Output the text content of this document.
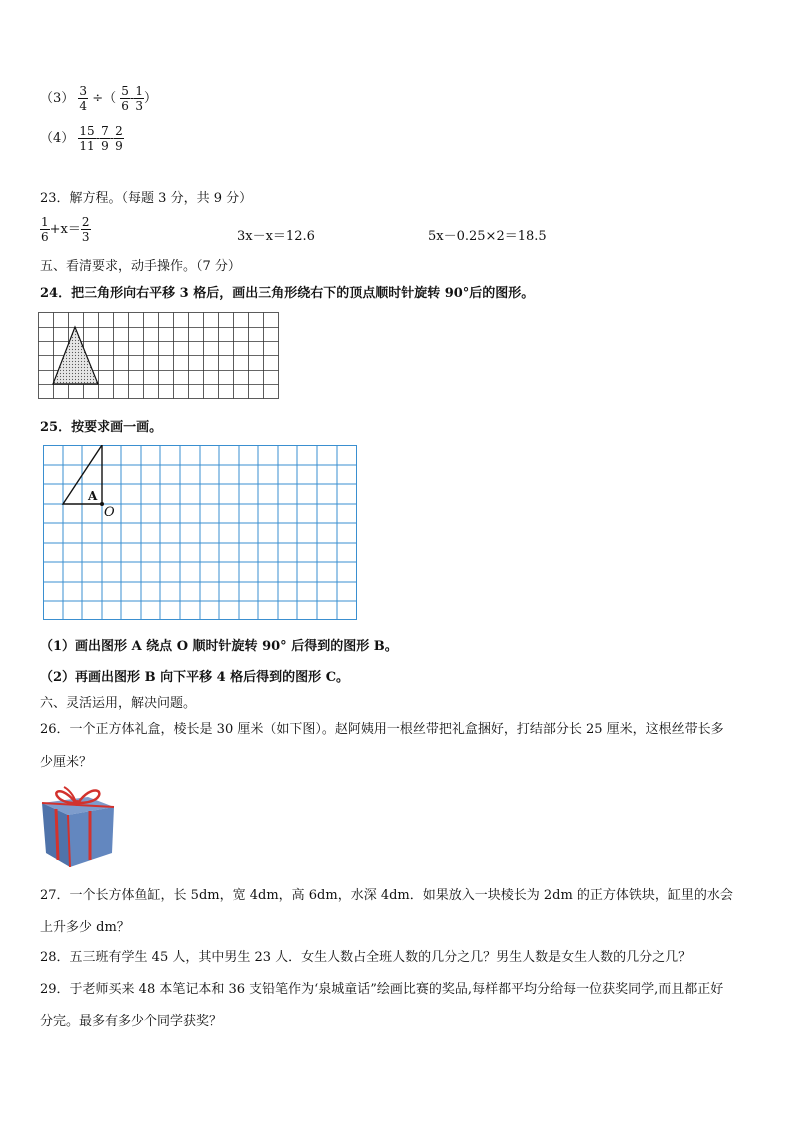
$(3) \frac{3}{4}$ ÷（ $\frac{5}{6} - \frac{1}{3}$ ）
$(4) \frac{15}{11} - \frac{7}{9} - \frac{2}{9}$
23．解方程。（每题 3 分，共 9 分）
$\frac{1}{6} +x= \frac{2}{3}$	3x－x＝12.6	5x－0.25×2＝18.5
五、看清要求，动手操作。（7 分）
24．把三角形向右平移 3 格后，画出三角形绕右下的顶点顺时针旋转 90°后的图形。
25．按要求画一画。
A
O
（1）画出图形 A 绕点 O 顺时针旋转 90° 后得到的图形 B。
（2）再画出图形 B 向下平移 4 格后得到的图形 C。
六、灵活运用，解决问题。
26．一个正方体礼盒，棱长是 30 厘米（如下图）。赵阿姨用一根丝带把礼盒捆好，打结部分长 25 厘米，这根丝带长多
少厘米？
27．一个长方体鱼缸，长 5dm，宽 4dm，高 6dm，水深 4dm．如果放入一块棱长为 2dm 的正方体铁块，缸里的水会
上升多少 dm？
28．五三班有学生 45 人，其中男生 23 人．女生人数占全班人数的几分之几？男生人数是女生人数的几分之几？
29．于老师买来 48 本笔记本和 36 支铅笔作为‘泉城童话”绘画比赛的奖品,每样都平均分给每一位获奖同学,而且都正好
分完。最多有多少个同学获奖？
